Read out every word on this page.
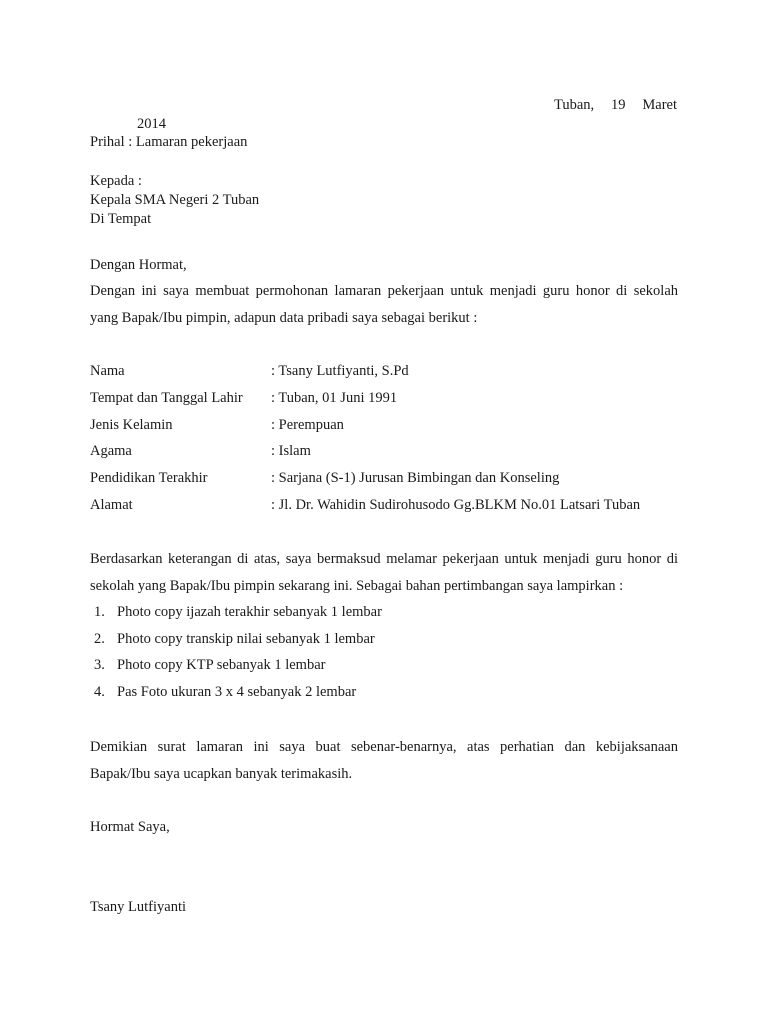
Tuban, 19 Maret
2014
Prihal : Lamaran pekerjaan
Kepada :
Kepala SMA Negeri 2 Tuban
Di Tempat
Dengan Hormat,
Dengan ini saya membuat permohonan lamaran pekerjaan untuk menjadi guru honor di sekolah
yang Bapak/Ibu pimpin, adapun data pribadi saya sebagai berikut :
Nama	: Tsany Lutfiyanti, S.Pd
Tempat dan Tanggal Lahir : Tuban, 01 Juni 1991
Jenis Kelamin	: Perempuan
Agama	: Islam
Pendidikan Terakhir	: Sarjana (S-1) Jurusan Bimbingan dan Konseling
Alamat	: Jl. Dr. Wahidin Sudirohusodo Gg.BLKM No.01 Latsari Tuban
Berdasarkan keterangan di atas, saya bermaksud melamar pekerjaan untuk menjadi guru honor di
sekolah yang Bapak/Ibu pimpin sekarang ini. Sebagai bahan pertimbangan saya lampirkan :
1. Photo copy ijazah terakhir sebanyak 1 lembar
2. Photo copy transkip nilai sebanyak 1 lembar
3. Photo copy KTP sebanyak 1 lembar
4. Pas Foto ukuran 3 x 4 sebanyak 2 lembar
Demikian surat lamaran ini saya buat sebenar-benarnya, atas perhatian dan kebijaksanaan
Bapak/Ibu saya ucapkan banyak terimakasih.
Hormat Saya,
Tsany Lutfiyanti
